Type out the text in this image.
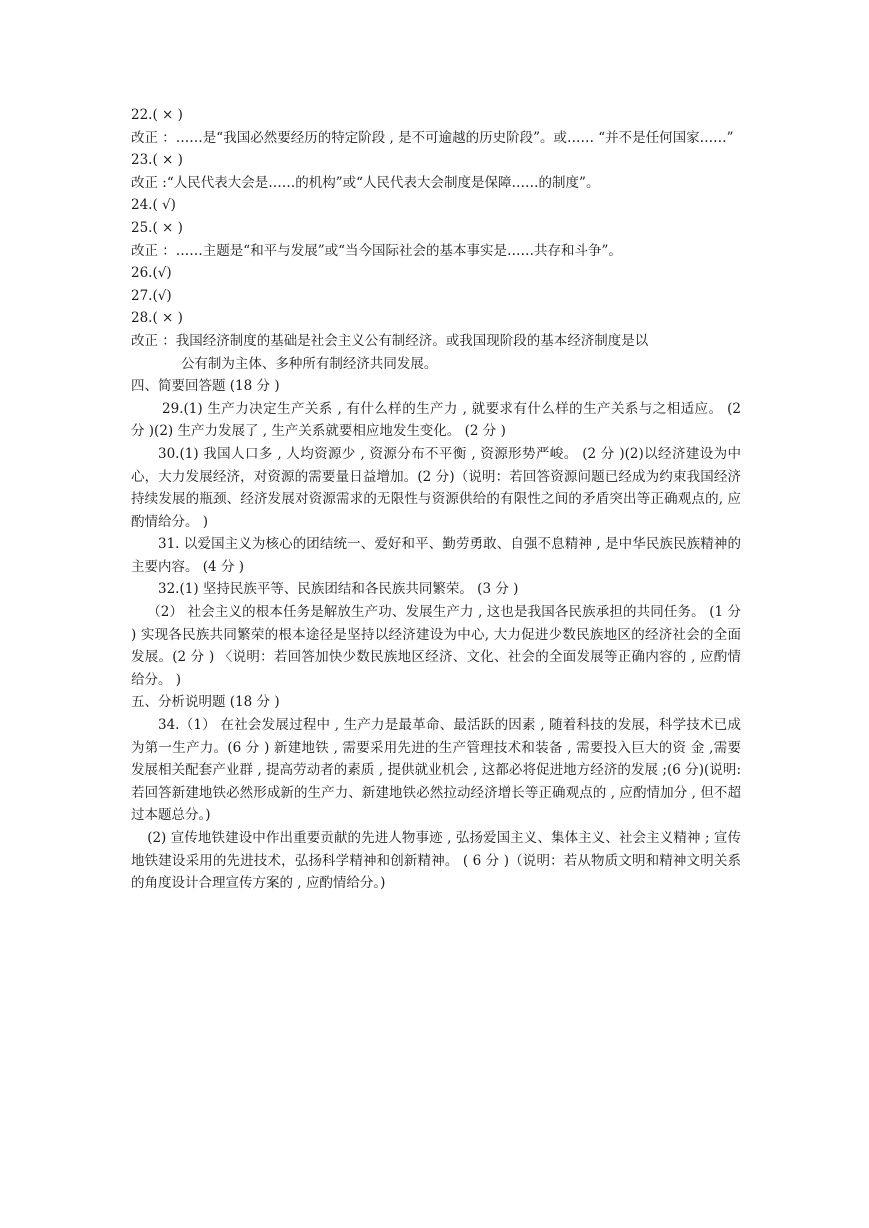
22.( × )
改正 ：……是“我国必然要经历的特定阶段 , 是不可逾越的历史阶段”。或…… “并不是任何国家……”
23.( × )
改正 :“人民代表大会是……的机构”或“人民代表大会制度是保障……的制度”。
24.( √)
25.( × )
改正 ：……主题是“和平与发展”或“当今国际社会的基本事实是……共存和斗争”。
26.(√)
27.(√)
28.( × )
改正 ：我国经济制度的基础是社会主义公有制经济。或我国现阶段的基本经济制度是以
公有制为主体、多种所有制经济共同发展。
四、简要回答题 (18 分 )
29.(1) 生产力决定生产关系 , 有什么样的生产力 , 就要求有什么样的生产关系与之相适应。 (2 分 )(2) 生产力发展了 , 生产关系就要相应地发生变化。 (2 分 )
30.(1) 我国人口多 , 人均资源少 , 资源分布不平衡 , 资源形势严峻。 (2 分 )(2)以经济建设为中心，大力发展经济，对资源的需要量日益增加。(2 分)（说明：若回答资源问题已经成为约束我国经济持续发展的瓶颈、经济发展对资源需求的无限性与资源供给的有限性之间的矛盾突出等正确观点的, 应酌情给分。 )
31. 以爱国主义为核心的团结统一、爱好和平、勤劳勇敢、自强不息精神 , 是中华民族民族精神的主要内容。 (4 分 )
32.(1) 坚持民族平等、民族团结和各民族共同繁荣。 (3 分 )
（2） 社会主义的根本任务是解放生产功、发展生产力 , 这也是我国各民族承担的共同任务。 (1 分 ) 实现各民族共同繁荣的根本途径是坚持以经济建设为中心, 大力促进少数民族地区的经济社会的全面发展。(2 分 ) 〈说明：若回答加快少数民族地区经济、文化、社会的全面发展等正确内容的 , 应酌情给分。 )
五、分析说明题 (18 分 )
34.（1） 在社会发展过程中 , 生产力是最革命、最活跃的因素 , 随着科技的发展，科学技术已成为第一生产力。(6 分 ) 新建地铁 , 需要采用先进的生产管理技术和装备 , 需要投入巨大的资 金 ,需要发展相关配套产业群 , 提高劳动者的素质 , 提供就业机会 , 这都必将促进地方经济的发展 ;(6 分)(说明:若回答新建地铁必然形成新的生产力、新建地铁必然拉动经济增长等正确观点的 , 应酌情加分 , 但不超过本题总分。)
(2) 宣传地铁建设中作出重要贡献的先进人物事迹 , 弘扬爱国主义、集体主义、社会主义精神 ; 宣传地铁建设采用的先进技术，弘扬科学精神和创新精神。 ( 6 分 )（说明：若从物质文明和精神文明关系的角度设计合理宣传方案的 , 应酌情给分。)
